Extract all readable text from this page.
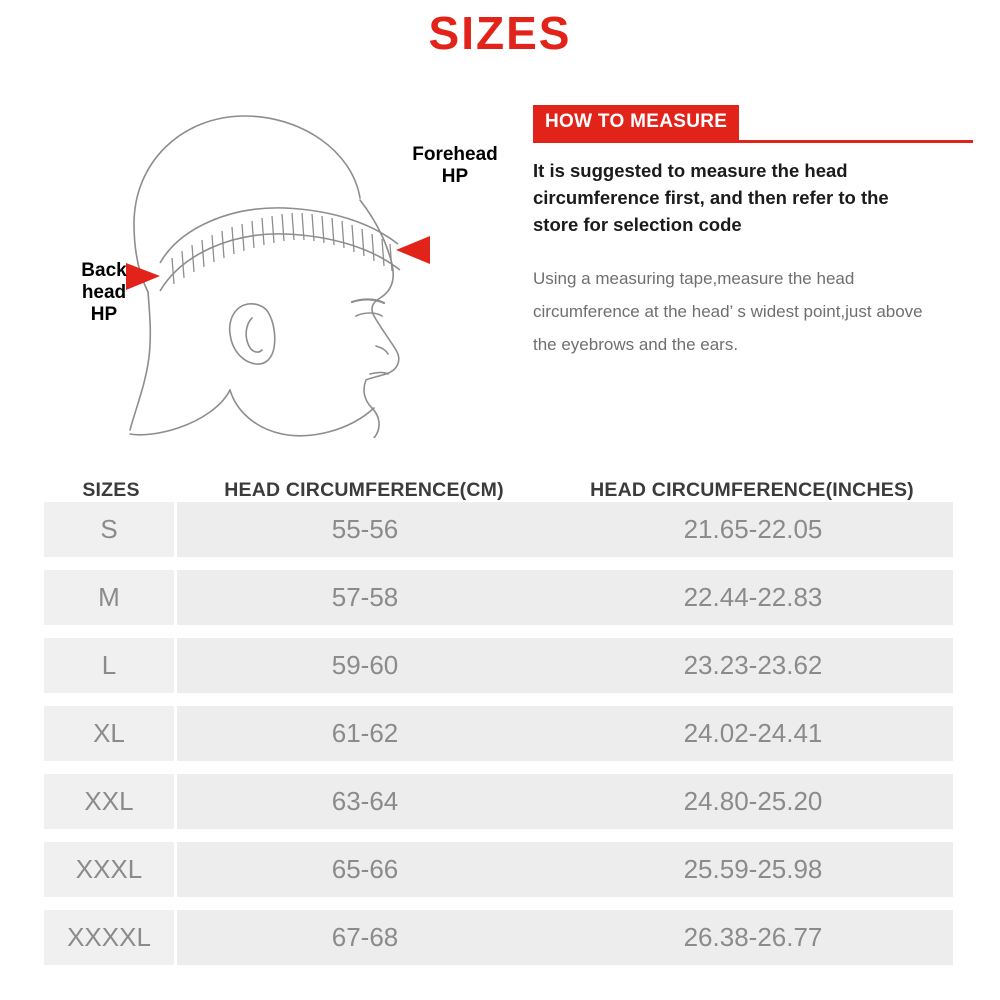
SIZES
Back
head
HP
Forehead
HP
HOW TO MEASURE
It is suggested to measure the head circumference first, and then refer to the store for selection code
Using a measuring tape,measure the head circumference at the head’ s widest point,just above the eyebrows and the ears.
SIZES	HEAD CIRCUMFERENCE(CM)	HEAD CIRCUMFERENCE(INCHES)
S	55-56	21.65-22.05
M	57-58	22.44-22.83
L	59-60	23.23-23.62
XL	61-62	24.02-24.41
XXL	63-64	24.80-25.20
XXXL	65-66	25.59-25.98
XXXXL	67-68	26.38-26.77
